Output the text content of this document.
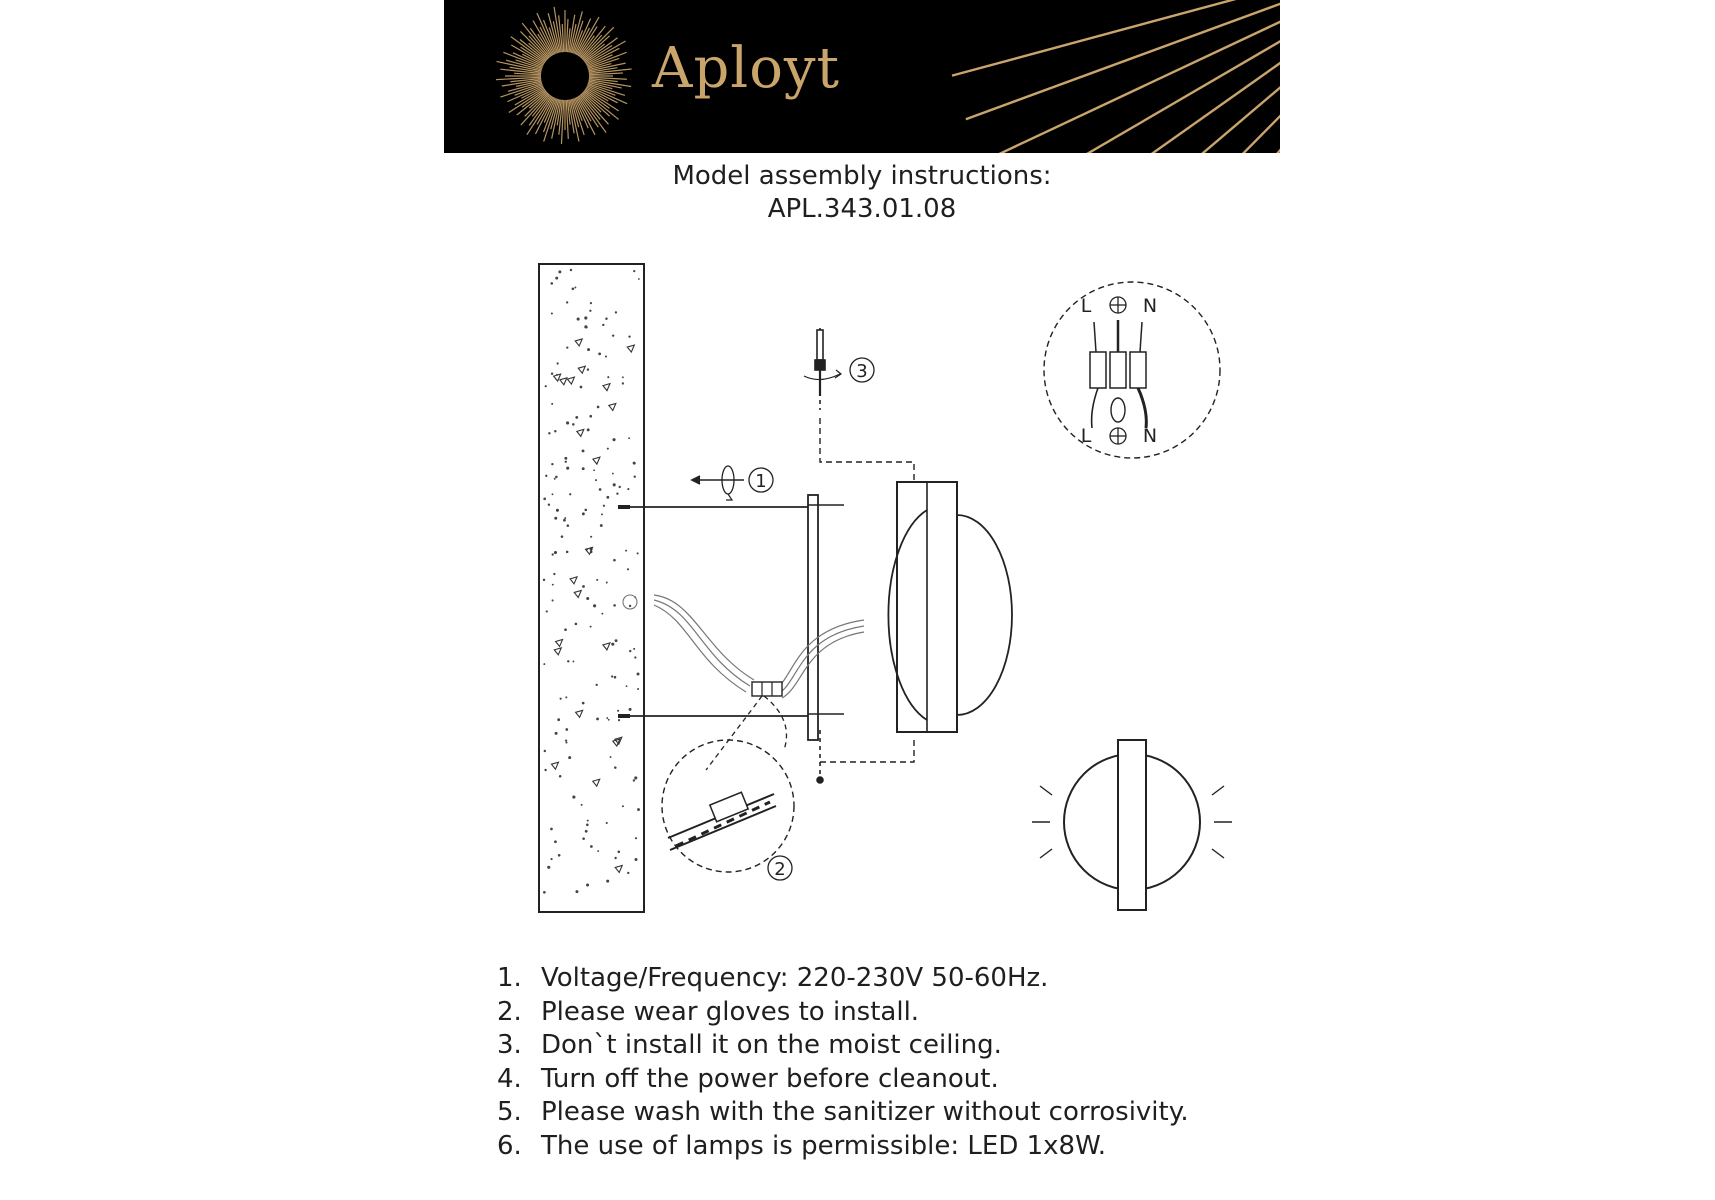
Aployt
Model assembly instructions:
APL.343.01.08
3
1
2
L	N
L	N
1. Voltage/Frequency: 220-230V 50-60Hz.
2. Please wear gloves to install.
3. Don`t install it on the moist ceiling.
4. Turn off the power before cleanout.
5. Please wash with the sanitizer without corrosivity.
6. The use of lamps is permissible: LED 1x8W.
